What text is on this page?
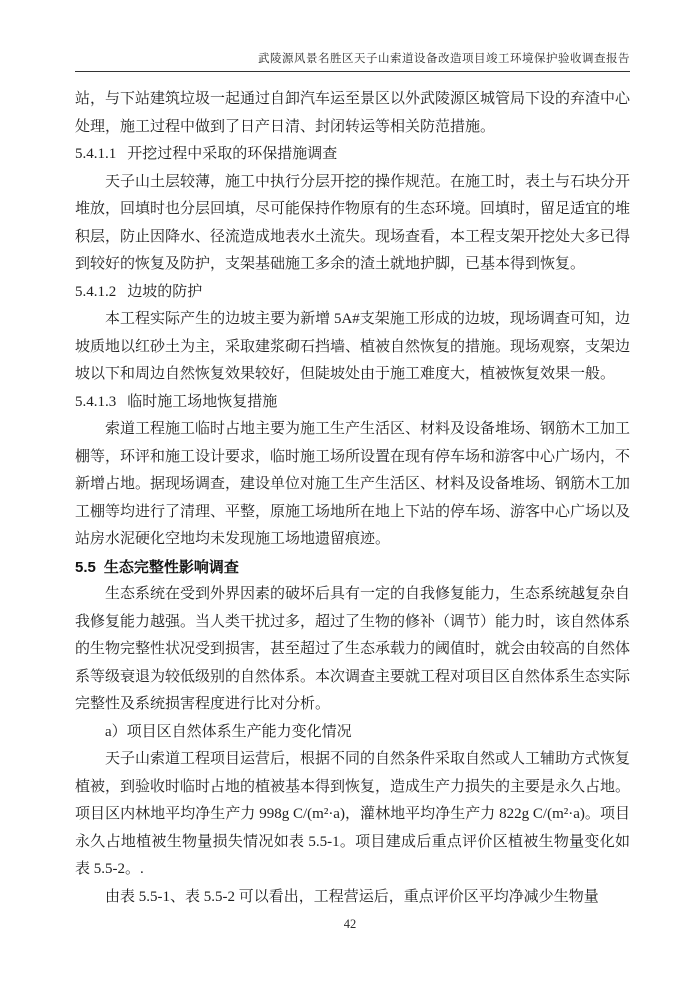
武陵源风景名胜区天子山索道设备改造项目竣工环境保护验收调查报告

站，与下站建筑垃圾一起通过自卸汽车运至景区以外武陵源区城管局下设的弃渣中心处理，施工过程中做到了日产日清、封闭转运等相关防范措施。

5.4.1.1 开挖过程中采取的环保措施调查

天子山土层较薄，施工中执行分层开挖的操作规范。在施工时，表土与石块分开堆放，回填时也分层回填，尽可能保持作物原有的生态环境。回填时，留足适宜的堆积层，防止因降水、径流造成地表水土流失。现场查看，本工程支架开挖处大多已得到较好的恢复及防护，支架基础施工多余的渣土就地护脚，已基本得到恢复。

5.4.1.2 边坡的防护

本工程实际产生的边坡主要为新增 5A#支架施工形成的边坡，现场调查可知，边坡质地以红砂土为主，采取建浆砌石挡墙、植被自然恢复的措施。现场观察，支架边坡以下和周边自然恢复效果较好，但陡坡处由于施工难度大，植被恢复效果一般。

5.4.1.3 临时施工场地恢复措施

索道工程施工临时占地主要为施工生产生活区、材料及设备堆场、钢筋木工加工棚等，环评和施工设计要求，临时施工场所设置在现有停车场和游客中心广场内，不新增占地。据现场调查，建设单位对施工生产生活区、材料及设备堆场、钢筋木工加工棚等均进行了清理、平整，原施工场地所在地上下站的停车场、游客中心广场以及站房水泥硬化空地均未发现施工场地遗留痕迹。

5.5 生态完整性影响调查

生态系统在受到外界因素的破坏后具有一定的自我修复能力，生态系统越复杂自我修复能力越强。当人类干扰过多，超过了生物的修补（调节）能力时，该自然体系的生物完整性状况受到损害，甚至超过了生态承载力的阈值时，就会由较高的自然体系等级衰退为较低级别的自然体系。本次调查主要就工程对项目区自然体系生态实际完整性及系统损害程度进行比对分析。

a）项目区自然体系生产能力变化情况

天子山索道工程项目运营后，根据不同的自然条件采取自然或人工辅助方式恢复植被，到验收时临时占地的植被基本得到恢复，造成生产力损失的主要是永久占地。项目区内林地平均净生产力 998g C/(m²·a)，灌林地平均净生产力 822g C/(m²·a)。项目永久占地植被生物量损失情况如表 5.5-1。项目建成后重点评价区植被生物量变化如表 5.5-2。.

由表 5.5-1、表 5.5-2 可以看出，工程营运后，重点评价区平均净减少生物量

42
